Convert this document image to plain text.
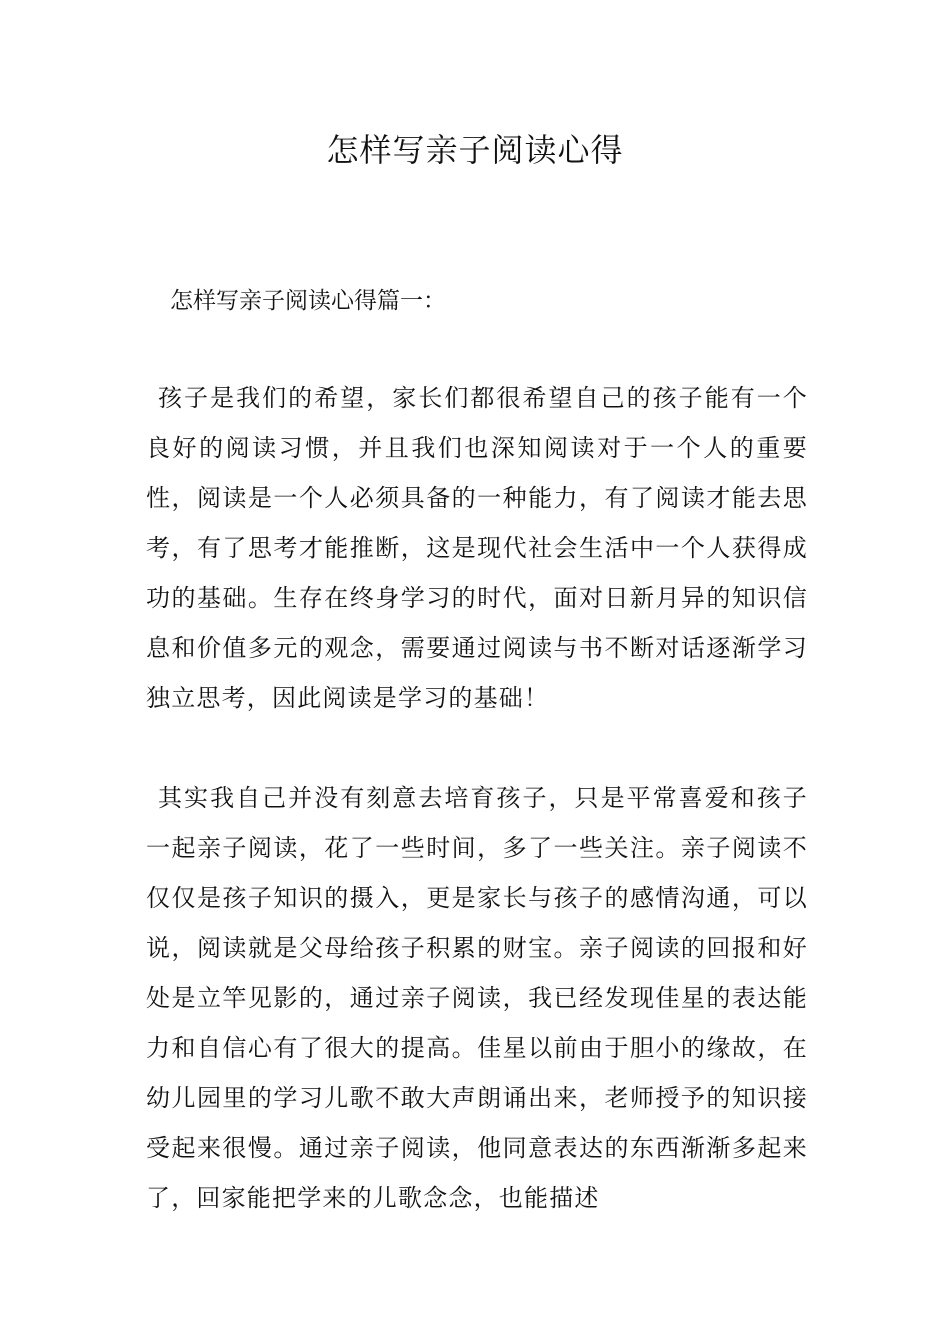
怎样写亲子阅读心得

怎样写亲子阅读心得篇一：

孩子是我们的希望，家长们都很希望自己的孩子能有一个良好的阅读习惯，并且我们也深知阅读对于一个人的重要性，阅读是一个人必须具备的一种能力，有了阅读才能去思考，有了思考才能推断，这是现代社会生活中一个人获得成功的基础。生存在终身学习的时代，面对日新月异的知识信息和价值多元的观念，需要通过阅读与书不断对话逐渐学习独立思考，因此阅读是学习的基础！

其实我自己并没有刻意去培育孩子，只是平常喜爱和孩子一起亲子阅读，花了一些时间，多了一些关注。亲子阅读不仅仅是孩子知识的摄入，更是家长与孩子的感情沟通，可以说，阅读就是父母给孩子积累的财宝。亲子阅读的回报和好处是立竿见影的，通过亲子阅读，我已经发现佳星的表达能力和自信心有了很大的提高。佳星以前由于胆小的缘故，在幼儿园里的学习儿歌不敢大声朗诵出来，老师授予的知识接受起来很慢。通过亲子阅读，他同意表达的东西渐渐多起来了，回家能把学来的儿歌念念，也能描述
